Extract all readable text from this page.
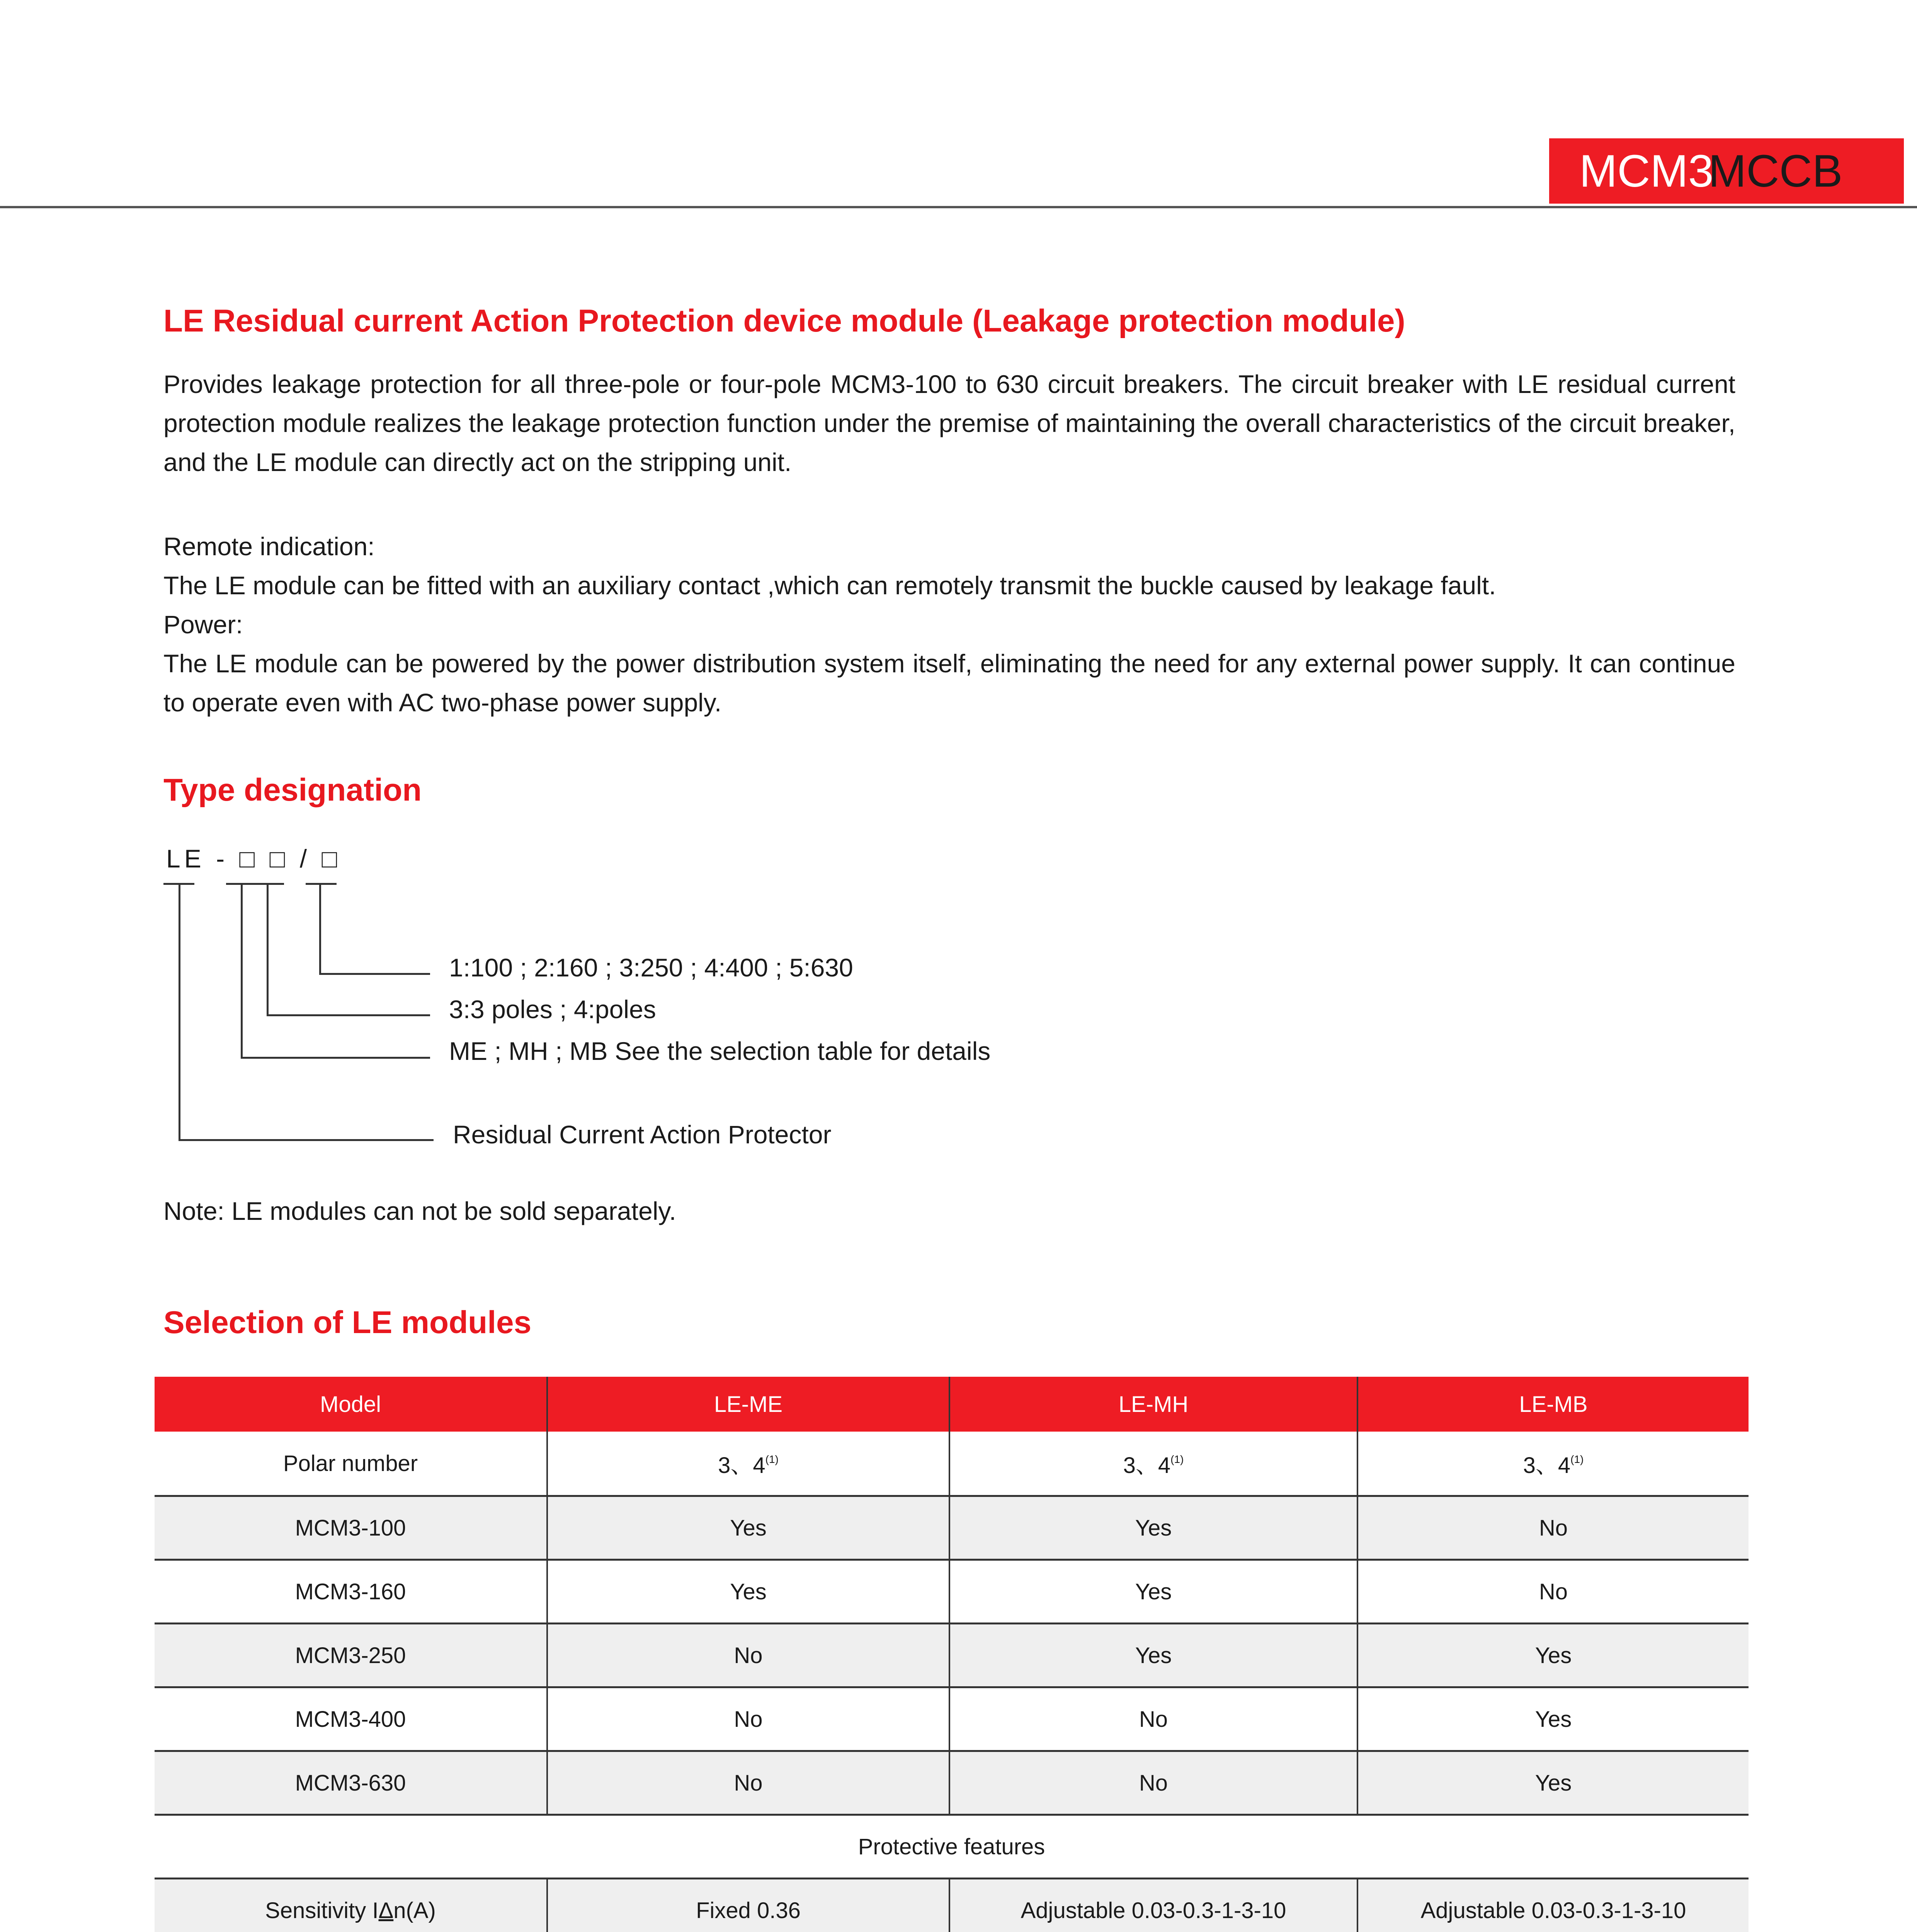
MCM3
MCCB
LE Residual current Action Protection device module (Leakage protection module)
Provides leakage protection for all three-pole or four-pole MCM3-100 to 630 circuit breakers. The circuit breaker with LE residual current protection module realizes the leakage protection function under the premise of maintaining the overall characteristics of the circuit breaker, and the LE module can directly act on the stripping unit.
Remote indication:
The LE module can be fitted with an auxiliary contact ,which can remotely transmit the buckle caused by leakage fault.
Power:
The LE module can be powered by the power distribution system itself, eliminating the need for any external power supply. It can continue to operate even with AC two-phase power supply.
Type designation
LE - □ □ / □
1:100 ; 2:160 ; 3:250 ; 4:400 ; 5:630
3:3 poles ; 4:poles
ME ; MH ; MB See the selection table for details
Residual Current Action Protector
Note: LE modules can not be sold separately.
Selection of LE modules
Model	LE-ME	LE-MH	LE-MB
Polar number	3、4$^{(1)}$	3、4$^{(1)}$	3、4$^{(1)}$
MCM3-100	Yes	Yes	No
MCM3-160	Yes	Yes	No
MCM3-250	No	Yes	Yes
MCM3-400	No	No	Yes
MCM3-630	No	No	Yes
Protective features			
Sensitivity IΔn(A)	Fixed 0.36	Adjustable 0.03-0.3-1-3-10	Adjustable 0.03-0.3-1-3-10
